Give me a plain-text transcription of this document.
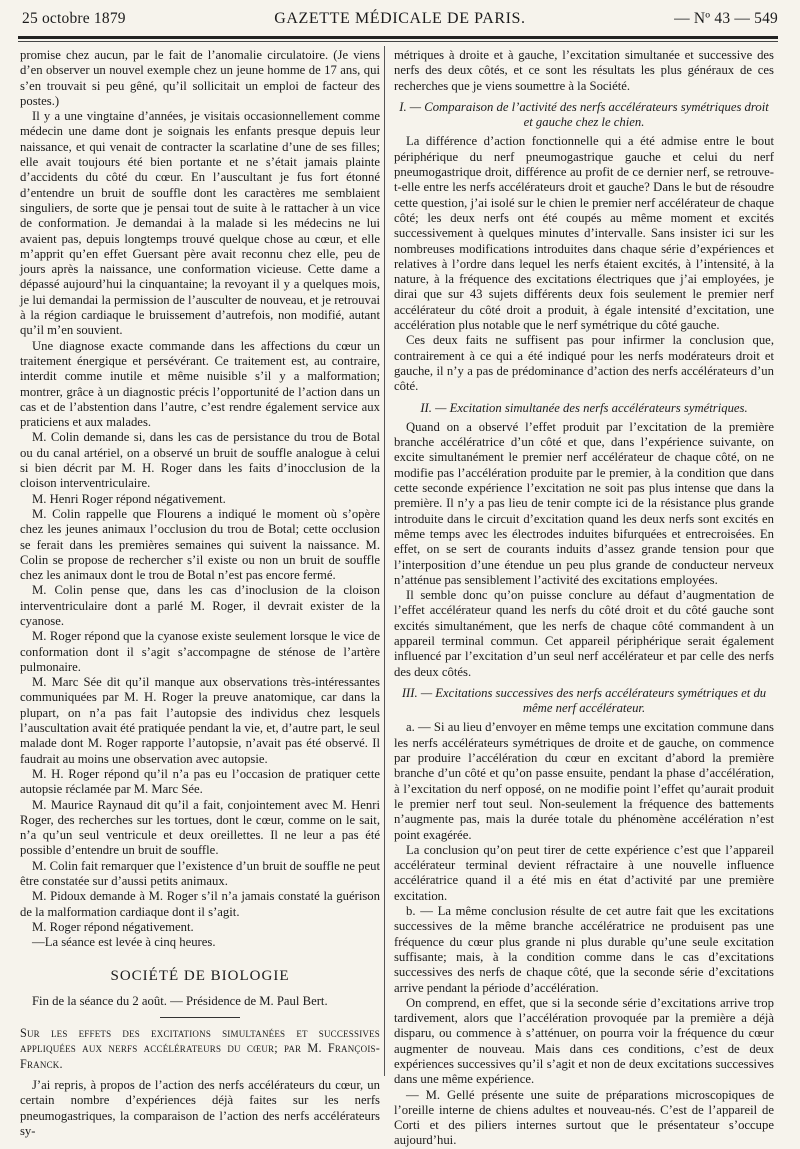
25 octobre 1879	GAZETTE MÉDICALE DE PARIS.	— Nº 43 — 549

promise chez aucun, par le fait de l’anomalie circulatoire. (Je viens d’en observer un nouvel exemple chez un jeune homme de 17 ans, qui s’en trouvait si peu gêné, qu’il sollicitait un emploi de facteur des postes.)

Il y a une vingtaine d’années, je visitais occasionnellement comme médecin une dame dont je soignais les enfants presque depuis leur naissance, et qui venait de contracter la scarlatine d’une de ses filles; elle avait toujours été bien portante et ne s’était jamais plainte d’accidents du côté du cœur. En l’auscultant je fus fort étonné d’entendre un bruit de souffle dont les caractères me semblaient singuliers, de sorte que je pensai tout de suite à le rattacher à un vice de conformation. Je demandai à la malade si les médecins ne lui avaient pas, depuis longtemps trouvé quelque chose au cœur, et elle m’apprit qu’en effet Guersant père avait reconnu chez elle, peu de jours après la naissance, une conformation vicieuse. Cette dame a dépassé aujourd’hui la cinquantaine; la revoyant il y a quelques mois, je lui demandai la permission de l’ausculter de nouveau, et je retrouvai à la région cardiaque le bruissement d’autrefois, non modifié, autant qu’il m’en souvient.

Une diagnose exacte commande dans les affections du cœur un traitement énergique et persévérant. Ce traitement est, au contraire, interdit comme inutile et même nuisible s’il y a malformation; montrer, grâce à un diagnostic précis l’opportunité de l’action dans un cas et de l’abstention dans l’autre, c’est rendre également service aux praticiens et aux malades.

M. Colin demande si, dans les cas de persistance du trou de Botal ou du canal artériel, on a observé un bruit de souffle analogue à celui si bien décrit par M. H. Roger dans les faits d’inocclusion de la cloison interventriculaire.

M. Henri Roger répond négativement.

M. Colin rappelle que Flourens a indiqué le moment où s’opère chez les jeunes animaux l’occlusion du trou de Botal; cette occlusion se ferait dans les premières semaines qui suivent la naissance. M. Colin se propose de rechercher s’il existe ou non un bruit de souffle chez les animaux dont le trou de Botal n’est pas encore fermé.

M. Colin pense que, dans les cas d’inoclusion de la cloison interventriculaire dont a parlé M. Roger, il devrait exister de la cyanose.

M. Roger répond que la cyanose existe seulement lorsque le vice de conformation dont il s’agit s’accompagne de sténose de l’artère pulmonaire.

M. Marc Sée dit qu’il manque aux observations très-intéressantes communiquées par M. H. Roger la preuve anatomique, car dans la plupart, on n’a pas fait l’autopsie des individus chez lesquels l’auscultation avait été pratiquée pendant la vie, et, d’autre part, le seul malade dont M. Roger rapporte l’autopsie, n’avait pas été observé. Il faudrait au moins une observation avec autopsie.

M. H. Roger répond qu’il n’a pas eu l’occasion de pratiquer cette autopsie réclamée par M. Marc Sée.

M. Maurice Raynaud dit qu’il a fait, conjointement avec M. Henri Roger, des recherches sur les tortues, dont le cœur, comme on le sait, n’a qu’un seul ventricule et deux oreillettes. Il ne leur a pas été possible d’entendre un bruit de souffle.

M. Colin fait remarquer que l’existence d’un bruit de souffle ne peut être constatée sur d’aussi petits animaux.

M. Pidoux demande à M. Roger s’il n’a jamais constaté la guérison de la malformation cardiaque dont il s’agit.

M. Roger répond négativement.

—La séance est levée à cinq heures.

SOCIÉTÉ DE BIOLOGIE

Fin de la séance du 2 août. — Présidence de M. Paul Bert.

Sur les effets des excitations simultanées et successives appliquées aux nerfs accélérateurs du cœur; par M. François-Franck.

J’ai repris, à propos de l’action des nerfs accélérateurs du cœur, un certain nombre d’expériences déjà faites sur les nerfs pneumogastriques, la comparaison de l’action des nerfs accélérateurs sy-

métriques à droite et à gauche, l’excitation simultanée et successive des nerfs des deux côtés, et ce sont les résultats les plus généraux de ces recherches que je viens soumettre à la Société.

I. — Comparaison de l’activité des nerfs accélérateurs symétriques droit et gauche chez le chien.

La différence d’action fonctionnelle qui a été admise entre le bout périphérique du nerf pneumogastrique gauche et celui du nerf pneumogastrique droit, différence au profit de ce dernier nerf, se retrouve-t-elle entre les nerfs accélérateurs droit et gauche? Dans le but de résoudre cette question, j’ai isolé sur le chien le premier nerf accélérateur de chaque côté; les deux nerfs ont été coupés au même moment et excités successivement à quelques minutes d’intervalle. Sans insister ici sur les nombreuses modifications introduites dans chaque série d’expériences et relatives à l’ordre dans lequel les nerfs étaient excités, à l’intensité, à la nature, à la fréquence des excitations électriques que j’ai employées, je dirai que sur 43 sujets différents deux fois seulement le premier nerf accélérateur du côté droit a produit, à égale intensité d’excitation, une accélération plus notable que le nerf symétrique du côté gauche.

Ces deux faits ne suffisent pas pour infirmer la conclusion que, contrairement à ce qui a été indiqué pour les nerfs modérateurs droit et gauche, il n’y a pas de prédominance d’action des nerfs accélérateurs d’un côté.

II. — Excitation simultanée des nerfs accélérateurs symétriques.

Quand on a observé l’effet produit par l’excitation de la première branche accélératrice d’un côté et que, dans l’expérience suivante, on excite simultanément le premier nerf accélérateur de chaque côté, on ne modifie pas l’accélération produite par le premier, à la condition que dans cette seconde expérience l’excitation ne soit pas plus intense que dans la première. Il n’y a pas lieu de tenir compte ici de la résistance plus grande introduite dans le circuit d’excitation quand les deux nerfs sont excités en même temps avec les électrodes induites bifurquées et entrecroisées. En effet, on se sert de courants induits d’assez grande tension pour que l’interposition d’une étendue un peu plus grande de conducteur nerveux n’atténue pas sensiblement l’activité des excitations employées.

Il semble donc qu’on puisse conclure au défaut d’augmentation de l’effet accélérateur quand les nerfs du côté droit et du côté gauche sont excités simultanément, que les nerfs de chaque côté commandent à un appareil terminal commun. Cet appareil périphérique serait également influencé par l’excitation d’un seul nerf accélérateur et par celle des nerfs des deux côtés.

III. — Excitations successives des nerfs accélérateurs symétriques et du même nerf accélérateur.

a. — Si au lieu d’envoyer en même temps une excitation commune dans les nerfs accélérateurs symétriques de droite et de gauche, on commence par produire l’accélération du cœur en excitant d’abord la première branche d’un côté et qu’on passe ensuite, pendant la phase d’accélération, à l’excitation du nerf opposé, on ne modifie point l’effet qu’aurait produit le premier nerf tout seul. Non-seulement la fréquence des battements n’augmente pas, mais la durée totale du phénomène accélération n’est point exagérée.

La conclusion qu’on peut tirer de cette expérience c’est que l’appareil accélérateur terminal devient réfractaire à une nouvelle influence accélératrice quand il a été mis en état d’activité par une première excitation.

b. — La même conclusion résulte de cet autre fait que les excitations successives de la même branche accélératrice ne produisent pas une fréquence du cœur plus grande ni plus durable qu’une seule excitation suffisante; mais, à la condition comme dans le cas d’excitations successives des nerfs de chaque côté, que la seconde série d’excitations arrive pendant la période d’accélération.

On comprend, en effet, que si la seconde série d’excitations arrive trop tardivement, alors que l’accélération provoquée par la première a déjà disparu, ou commence à s’atténuer, on pourra voir la fréquence du cœur augmenter de nouveau. Mais dans ces conditions, c’est de deux expériences successives qu’il s’agit et non de deux excitations successives dans une même expérience.

— M. Gellé présente une suite de préparations microscopiques de l’oreille interne de chiens adultes et nouveau-nés. C’est de l’appareil de Corti et des piliers internes surtout que le présentateur s’occupe aujourd’hui.
